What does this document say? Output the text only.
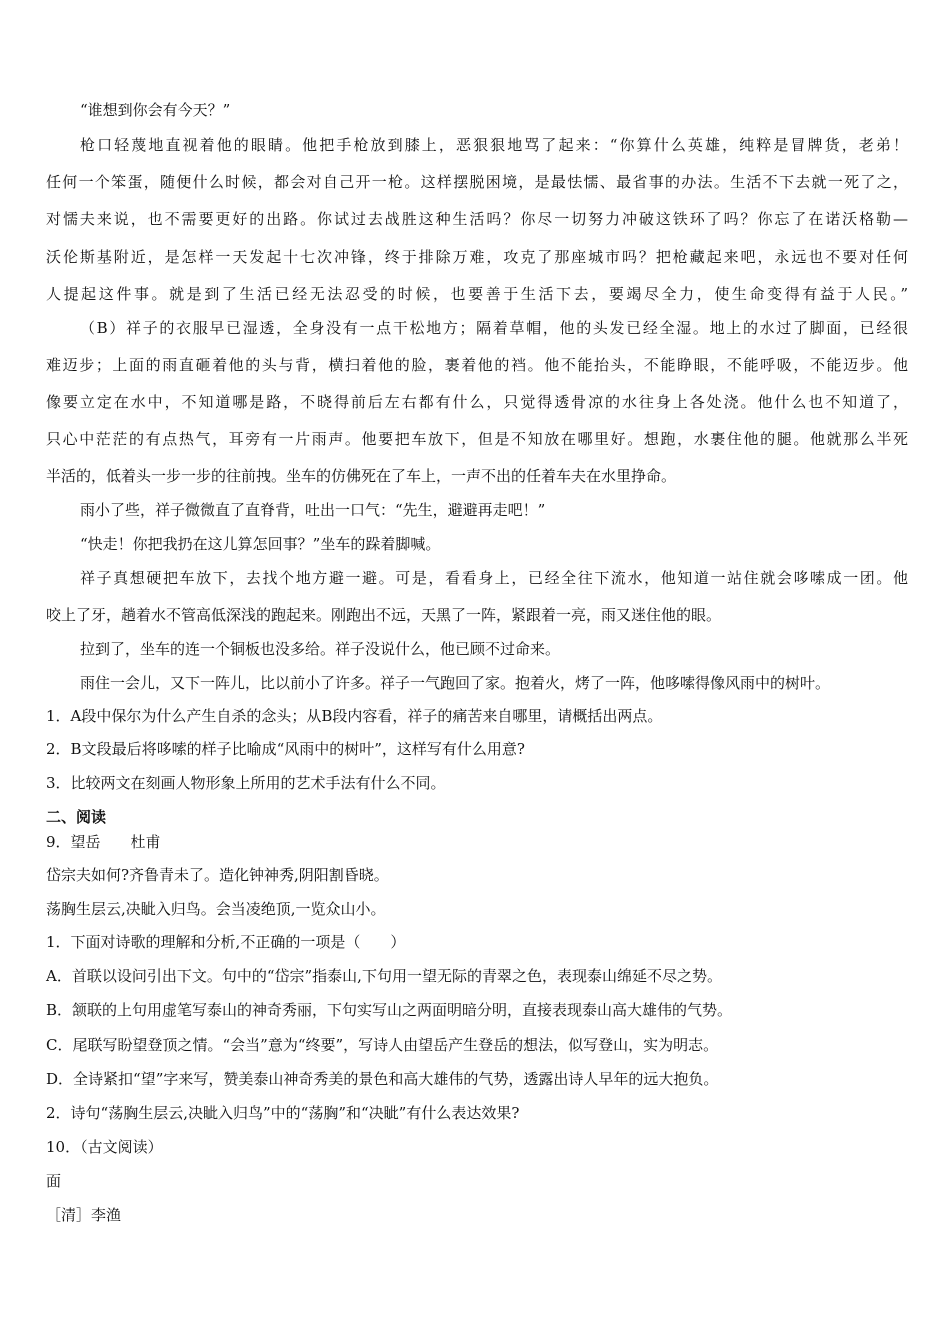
“谁想到你会有今天？”
枪口轻蔑地直视着他的眼睛。他把手枪放到膝上，恶狠狠地骂了起来：“你算什么英雄，纯粹是冒牌货，老弟！
任何一个笨蛋，随便什么时候，都会对自己开一枪。这样摆脱困境，是最怯懦、最省事的办法。生活不下去就一死了之，
对懦夫来说，也不需要更好的出路。你试过去战胜这种生活吗？你尽一切努力冲破这铁环了吗？你忘了在诺沃格勒—
沃伦斯基附近，是怎样一天发起十七次冲锋，终于排除万难，攻克了那座城市吗？把枪藏起来吧，永远也不要对任何
人提起这件事。就是到了生活已经无法忍受的时候，也要善于生活下去，要竭尽全力，使生命变得有益于人民。”
（B）祥子的衣服早已湿透，全身没有一点干松地方；隔着草帽，他的头发已经全湿。地上的水过了脚面，已经很
难迈步；上面的雨直砸着他的头与背，横扫着他的脸，裹着他的裆。他不能抬头，不能睁眼，不能呼吸，不能迈步。他
像要立定在水中，不知道哪是路，不晓得前后左右都有什么，只觉得透骨凉的水往身上各处浇。他什么也不知道了，
只心中茫茫的有点热气，耳旁有一片雨声。他要把车放下，但是不知放在哪里好。想跑，水裹住他的腿。他就那么半死
半活的，低着头一步一步的往前拽。坐车的仿佛死在了车上，一声不出的任着车夫在水里挣命。
雨小了些，祥子微微直了直脊背，吐出一口气：“先生，避避再走吧！”
“快走！你把我扔在这儿算怎回事？”坐车的跺着脚喊。
祥子真想硬把车放下，去找个地方避一避。可是，看看身上，已经全往下流水，他知道一站住就会哆嗦成一团。他
咬上了牙，趟着水不管高低深浅的跑起来。刚跑出不远，天黑了一阵，紧跟着一亮，雨又迷住他的眼。
拉到了，坐车的连一个铜板也没多给。祥子没说什么，他已顾不过命来。
雨住一会儿，又下一阵儿，比以前小了许多。祥子一气跑回了家。抱着火，烤了一阵，他哆嗦得像风雨中的树叶。
1．A段中保尔为什么产生自杀的念头；从B段内容看，祥子的痛苦来自哪里，请概括出两点。
2．B文段最后将哆嗦的样子比喻成“风雨中的树叶”，这样写有什么用意?
3．比较两文在刻画人物形象上所用的艺术手法有什么不同。
二、阅读
9．望岳　　杜甫
岱宗夫如何?齐鲁青未了。造化钟神秀,阴阳割昏晓。
荡胸生层云,决眦入归鸟。会当凌绝顶,一览众山小。
1．下面对诗歌的理解和分析,不正确的一项是（　　）
A．首联以设问引出下文。句中的“岱宗”指泰山,下句用一望无际的青翠之色，表现泰山绵延不尽之势。
B．颔联的上句用虚笔写泰山的神奇秀丽，下句实写山之两面明暗分明，直接表现泰山高大雄伟的气势。
C．尾联写盼望登顶之情。“会当”意为“终要”，写诗人由望岳产生登岳的想法，似写登山，实为明志。
D．全诗紧扣“望”字来写，赞美泰山神奇秀美的景色和高大雄伟的气势，透露出诗人早年的远大抱负。
2．诗句“荡胸生层云,决眦入归鸟”中的“荡胸”和“决眦”有什么表达效果?
10．（古文阅读）
面
［清］李渔
